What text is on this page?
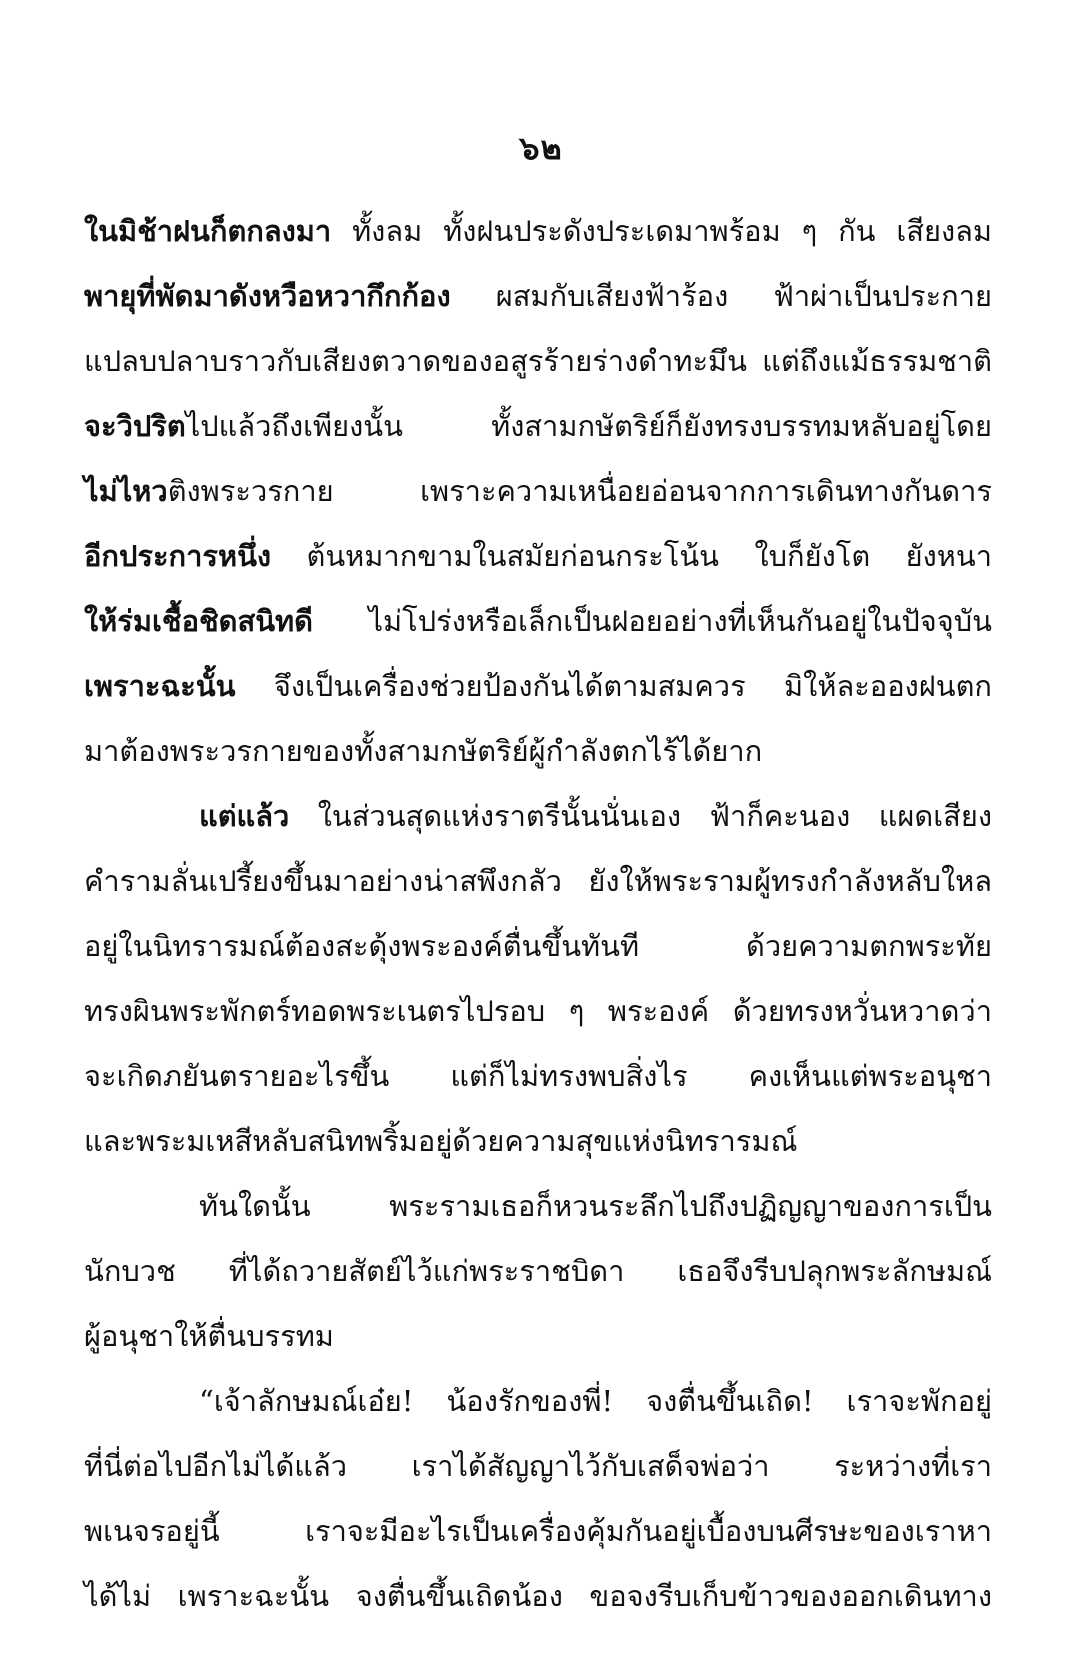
๖๒
ในมิช้าฝนก็ตกลงมา ทั้งลม ทั้งฝนประดังประเดมาพร้อม ๆ กัน เสียงลม
พายุที่พัดมาดังหวือหวากึกก้อง ผสมกับเสียงฟ้าร้อง ฟ้าผ่าเป็นประกาย
แปลบปลาบราวกับเสียงตวาดของอสูรร้ายร่างดำทะมึน แต่ถึงแม้ธรรมชาติ
จะวิปริตไปแล้วถึงเพียงนั้น ทั้งสามกษัตริย์ก็ยังทรงบรรทมหลับอยู่โดย
ไม่ไหวติงพระวรกาย เพราะความเหนื่อยอ่อนจากการเดินทางกันดาร
อีกประการหนึ่ง ต้นหมากขามในสมัยก่อนกระโน้น ใบก็ยังโต ยังหนา
ให้ร่มเชื้อชิดสนิทดี ไม่โปร่งหรือเล็กเป็นฝอยอย่างที่เห็นกันอยู่ในปัจจุบัน
เพราะฉะนั้น จึงเป็นเครื่องช่วยป้องกันได้ตามสมควร มิให้ละอองฝนตก
มาต้องพระวรกายของทั้งสามกษัตริย์ผู้กำลังตกไร้ได้ยาก
แต่แล้ว ในส่วนสุดแห่งราตรีนั้นนั่นเอง ฟ้าก็คะนอง แผดเสียง
คำรามลั่นเปรี้ยงขึ้นมาอย่างน่าสพึงกลัว ยังให้พระรามผู้ทรงกำลังหลับใหล
อยู่ในนิทรารมณ์ต้องสะดุ้งพระองค์ตื่นขึ้นทันที ด้วยความตกพระทัย
ทรงผินพระพักตร์ทอดพระเนตรไปรอบ ๆ พระองค์ ด้วยทรงหวั่นหวาดว่า
จะเกิดภยันตรายอะไรขึ้น แต่ก็ไม่ทรงพบสิ่งไร คงเห็นแต่พระอนุชา
และพระมเหสีหลับสนิทพริ้มอยู่ด้วยความสุขแห่งนิทรารมณ์
ทันใดนั้น พระรามเธอก็หวนระลึกไปถึงปฏิญญาของการเป็น
นักบวช ที่ได้ถวายสัตย์ไว้แก่พระราชบิดา เธอจึงรีบปลุกพระลักษมณ์
ผู้อนุชาให้ตื่นบรรทม
“เจ้าลักษมณ์เอ๋ย! น้องรักของพี่! จงตื่นขึ้นเถิด! เราจะพักอยู่
ที่นี่ต่อไปอีกไม่ได้แล้ว เราได้สัญญาไว้กับเสด็จพ่อว่า ระหว่างที่เรา
พเนจรอยู่นี้ เราจะมีอะไรเป็นเครื่องคุ้มกันอยู่เบื้องบนศีรษะของเราหา
ได้ไม่ เพราะฉะนั้น จงตื่นขึ้นเถิดน้อง ขอจงรีบเก็บข้าวของออกเดินทาง
